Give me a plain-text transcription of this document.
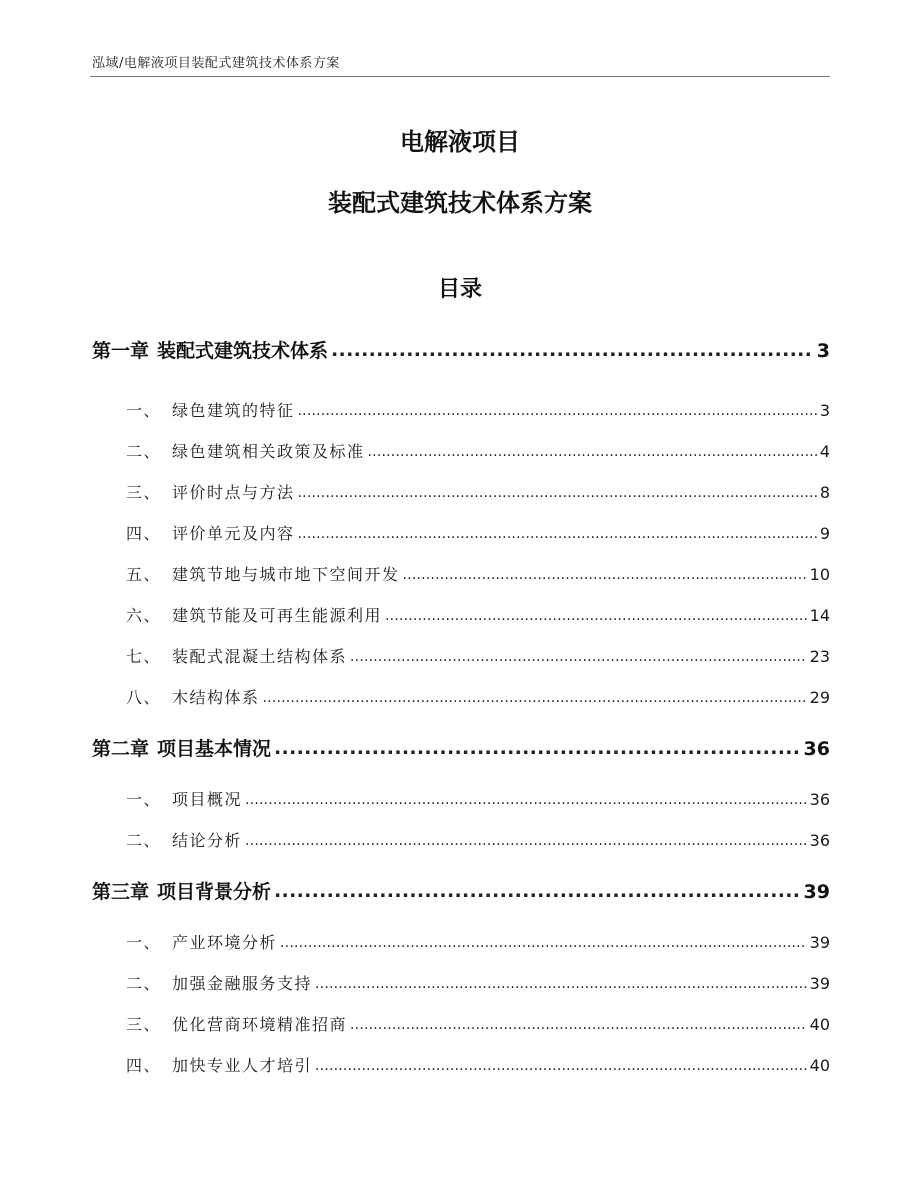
泓域/电解液项目装配式建筑技术体系方案
电解液项目
装配式建筑技术体系方案
目录
第一章 装配式建筑技术体系 .....	3
一、 绿色建筑的特征 .....	3
二、 绿色建筑相关政策及标准 .....	4
三、 评价时点与方法 .....	8
四、 评价单元及内容 .....	9
五、 建筑节地与城市地下空间开发 .....	10
六、 建筑节能及可再生能源利用 .....	14
七、 装配式混凝土结构体系 .....	23
八、 木结构体系 .....	29
第二章 项目基本情况 .....	36
一、 项目概况 .....	36
二、 结论分析 .....	36
第三章 项目背景分析 .....	39
一、 产业环境分析 .....	39
二、 加强金融服务支持 .....	39
三、 优化营商环境精准招商 .....	40
四、 加快专业人才培引 .....	40
